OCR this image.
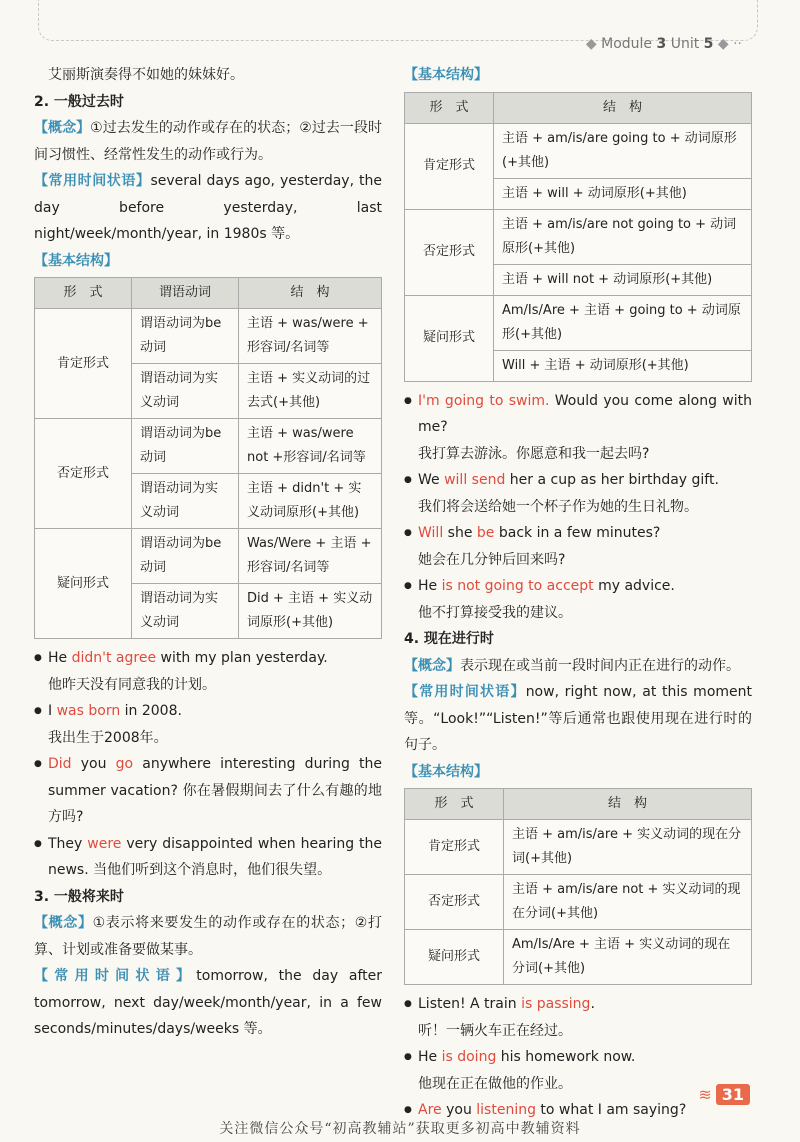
◆ Module 3 Unit 5 ◆ ··

艾丽斯演奏得不如她的妹妹好。

2. 一般过去时

【概念】①过去发生的动作或存在的状态；②过去一段时间习惯性、经常性发生的动作或行为。

【常用时间状语】several days ago, yesterday, the day before yesterday, last night/week/month/year, in 1980s 等。

【基本结构】

形　式	谓语动词	结　构
肯定形式	谓语动词为be动词	主语 + was/were + 形容词/名词等
	谓语动词为实义动词	主语 + 实义动词的过去式(+其他)
否定形式	谓语动词为be动词	主语 + was/were not +形容词/名词等
	谓语动词为实义动词	主语 + didn't + 实义动词原形(+其他)
疑问形式	谓语动词为be动词	Was/Were + 主语 + 形容词/名词等
	谓语动词为实义动词	Did + 主语 + 实义动词原形(+其他)

● He didn't agree with my plan yesterday.

他昨天没有同意我的计划。

● I was born in 2008.

我出生于2008年。

● Did you go anywhere interesting during the summer vacation? 你在暑假期间去了什么有趣的地方吗?

● They were very disappointed when hearing the news. 当他们听到这个消息时，他们很失望。

3. 一般将来时

【概念】①表示将来要发生的动作或存在的状态；②打算、计划或准备要做某事。

【常用时间状语】tomorrow, the day after tomorrow, next day/week/month/year, in a few seconds/minutes/days/weeks 等。

【基本结构】

形　式	结　构
肯定形式	主语 + am/is/are going to + 动词原形(+其他)
	主语 + will + 动词原形(+其他)
否定形式	主语 + am/is/are not going to + 动词原形(+其他)
	主语 + will not + 动词原形(+其他)
疑问形式	Am/Is/Are + 主语 + going to + 动词原形(+其他)
	Will + 主语 + 动词原形(+其他)

● I'm going to swim. Would you come along with me?

我打算去游泳。你愿意和我一起去吗?

● We will send her a cup as her birthday gift.

我们将会送给她一个杯子作为她的生日礼物。

● Will she be back in a few minutes?

她会在几分钟后回来吗?

● He is not going to accept my advice.

他不打算接受我的建议。

4. 现在进行时

【概念】表示现在或当前一段时间内正在进行的动作。

【常用时间状语】now, right now, at this moment 等。“Look!”“Listen!”等后通常也跟使用现在进行时的句子。

【基本结构】

形　式	结　构
肯定形式	主语 + am/is/are + 实义动词的现在分词(+其他)
否定形式	主语 + am/is/are not + 实义动词的现在分词(+其他)
疑问形式	Am/Is/Are + 主语 + 实义动词的现在分词(+其他)

● Listen! A train is passing.

听！一辆火车正在经过。

● He is doing his homework now.

他现在正在做他的作业。

● Are you listening to what I am saying?

≋ 31
关注微信公众号“初高教辅站”获取更多初高中教辅资料
